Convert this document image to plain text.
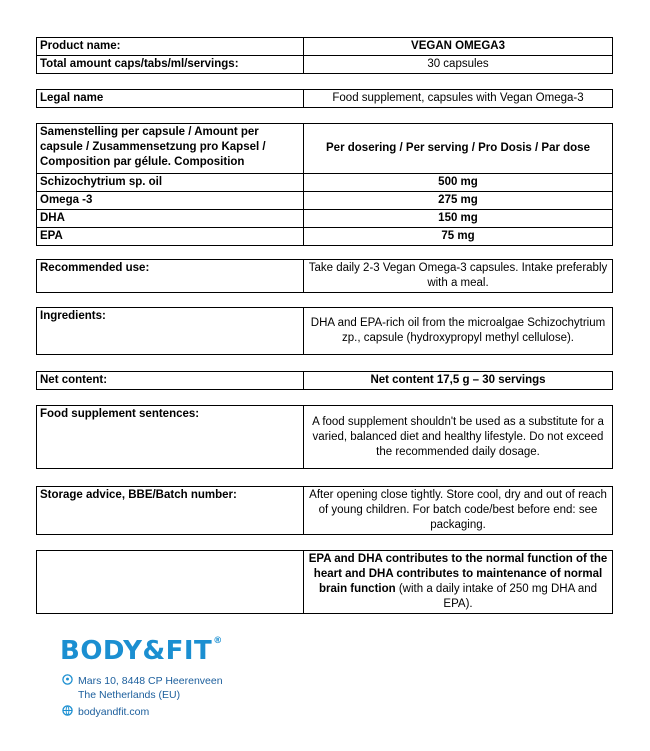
Product name:	VEGAN OMEGA3
Total amount caps/tabs/ml/servings:	30 capsules
Legal name	Food supplement, capsules with Vegan Omega-3
Samenstelling per capsule / Amount per capsule / Zusammensetzung pro Kapsel / Composition par gélule. Composition	Per dosering / Per serving / Pro Dosis / Par dose
Schizochytrium sp. oil	500 mg
Omega -3	275 mg
DHA	150 mg
EPA	75 mg
Recommended use:	Take daily 2-3 Vegan Omega-3 capsules. Intake preferably with a meal.
Ingredients:	DHA and EPA-rich oil from the microalgae Schizochytrium zp., capsule (hydroxypropyl methyl cellulose).
Net content:	Net content 17,5 g – 30 servings
Food supplement sentences:	A food supplement shouldn't be used as a substitute for a varied, balanced diet and healthy lifestyle. Do not exceed the recommended daily dosage.
Storage advice, BBE/Batch number:	After opening close tightly. Store cool, dry and out of reach of young children. For batch code/best before end: see packaging.
	EPA and DHA contributes to the normal function of the heart and DHA contributes to maintenance of normal brain function (with a daily intake of 250 mg DHA and EPA).
BODY&FIT®
Mars 10, 8448 CP Heerenveen
The Netherlands (EU)
bodyandfit.com
